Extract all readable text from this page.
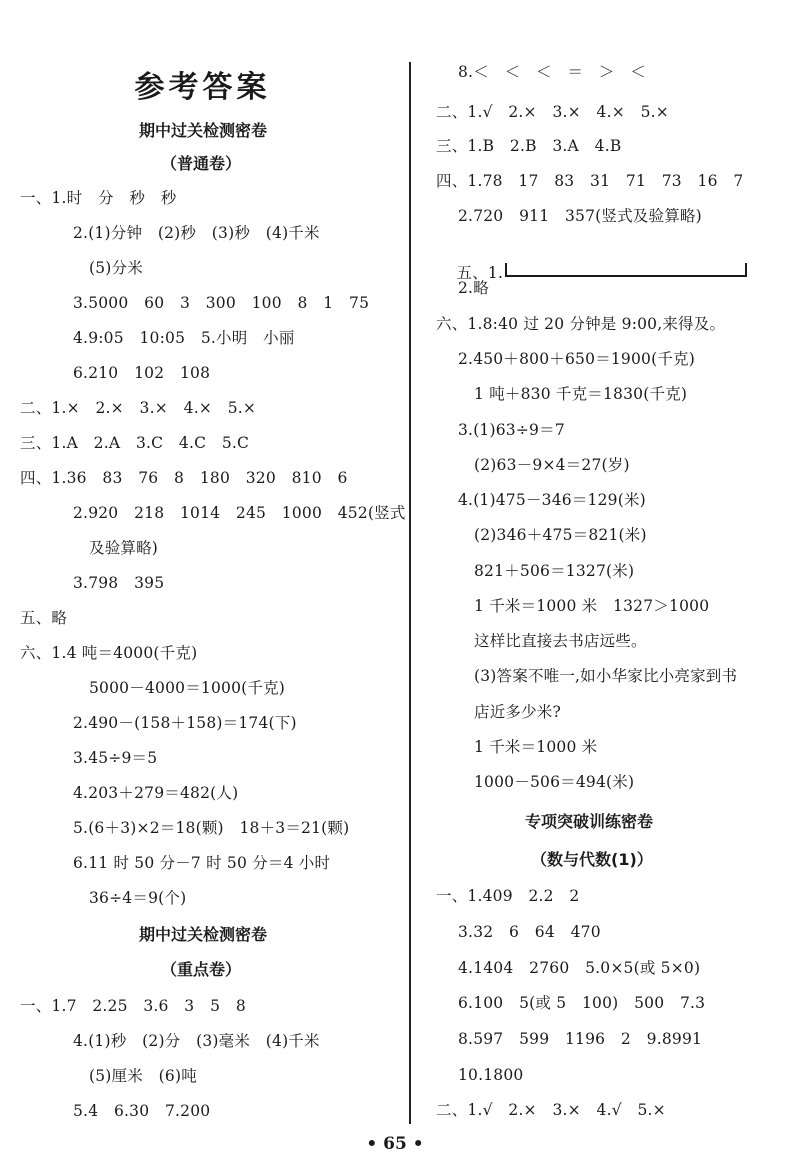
参考答案
期中过关检测密卷
（普通卷）
一、1.时　分　秒　秒
2.(1)分钟　(2)秒　(3)秒　(4)千米
(5)分米
3.5000　60　3　300　100　8　1　75
4.9:05　10:05　5.小明　小丽
6.210　102　108
二、1.×　2.×　3.×　4.×　5.×
三、1.A　2.A　3.C　4.C　5.C
四、1.36　83　76　8　180　320　810　6
2.920　218　1014　245　1000　452(竖式
及验算略)
3.798　395
五、略
六、1.4 吨＝4000(千克)
5000－4000＝1000(千克)
2.490－(158＋158)＝174(下)
3.45÷9＝5
4.203＋279＝482(人)
5.(6＋3)×2＝18(颗)　18＋3＝21(颗)
6.11 时 50 分－7 时 50 分＝4 小时
36÷4＝9(个)
期中过关检测密卷
（重点卷）
一、1.7　2.25　3.6　3　5　8
4.(1)秒　(2)分　(3)毫米　(4)千米
(5)厘米　(6)吨
5.4　6.30　7.200
8.＜　＜　＜　＝　＞　＜
二、1.√　2.×　3.×　4.×　5.×
三、1.B　2.B　3.A　4.B
四、1.78　17　83　31　71　73　16　7
2.720　911　357(竖式及验算略)

五、1.

2.略
六、1.8:40 过 20 分钟是 9:00,来得及。
2.450＋800＋650＝1900(千克)
1 吨＋830 千克＝1830(千克)
3.(1)63÷9＝7
(2)63－9×4＝27(岁)
4.(1)475－346＝129(米)
(2)346＋475＝821(米)
821＋506＝1327(米)
1 千米＝1000 米　1327＞1000
这样比直接去书店远些。
(3)答案不唯一,如小华家比小亮家到书
店近多少米?
1 千米＝1000 米
1000－506＝494(米)
专项突破训练密卷
（数与代数(1)）
一、1.409　2.2　2
3.32　6　64　470
4.1404　2760　5.0×5(或 5×0)
6.100　5(或 5　100)　500　7.3
8.597　599　1196　2　9.8991
10.1800
二、1.√　2.×　3.×　4.√　5.×
• 65 •
